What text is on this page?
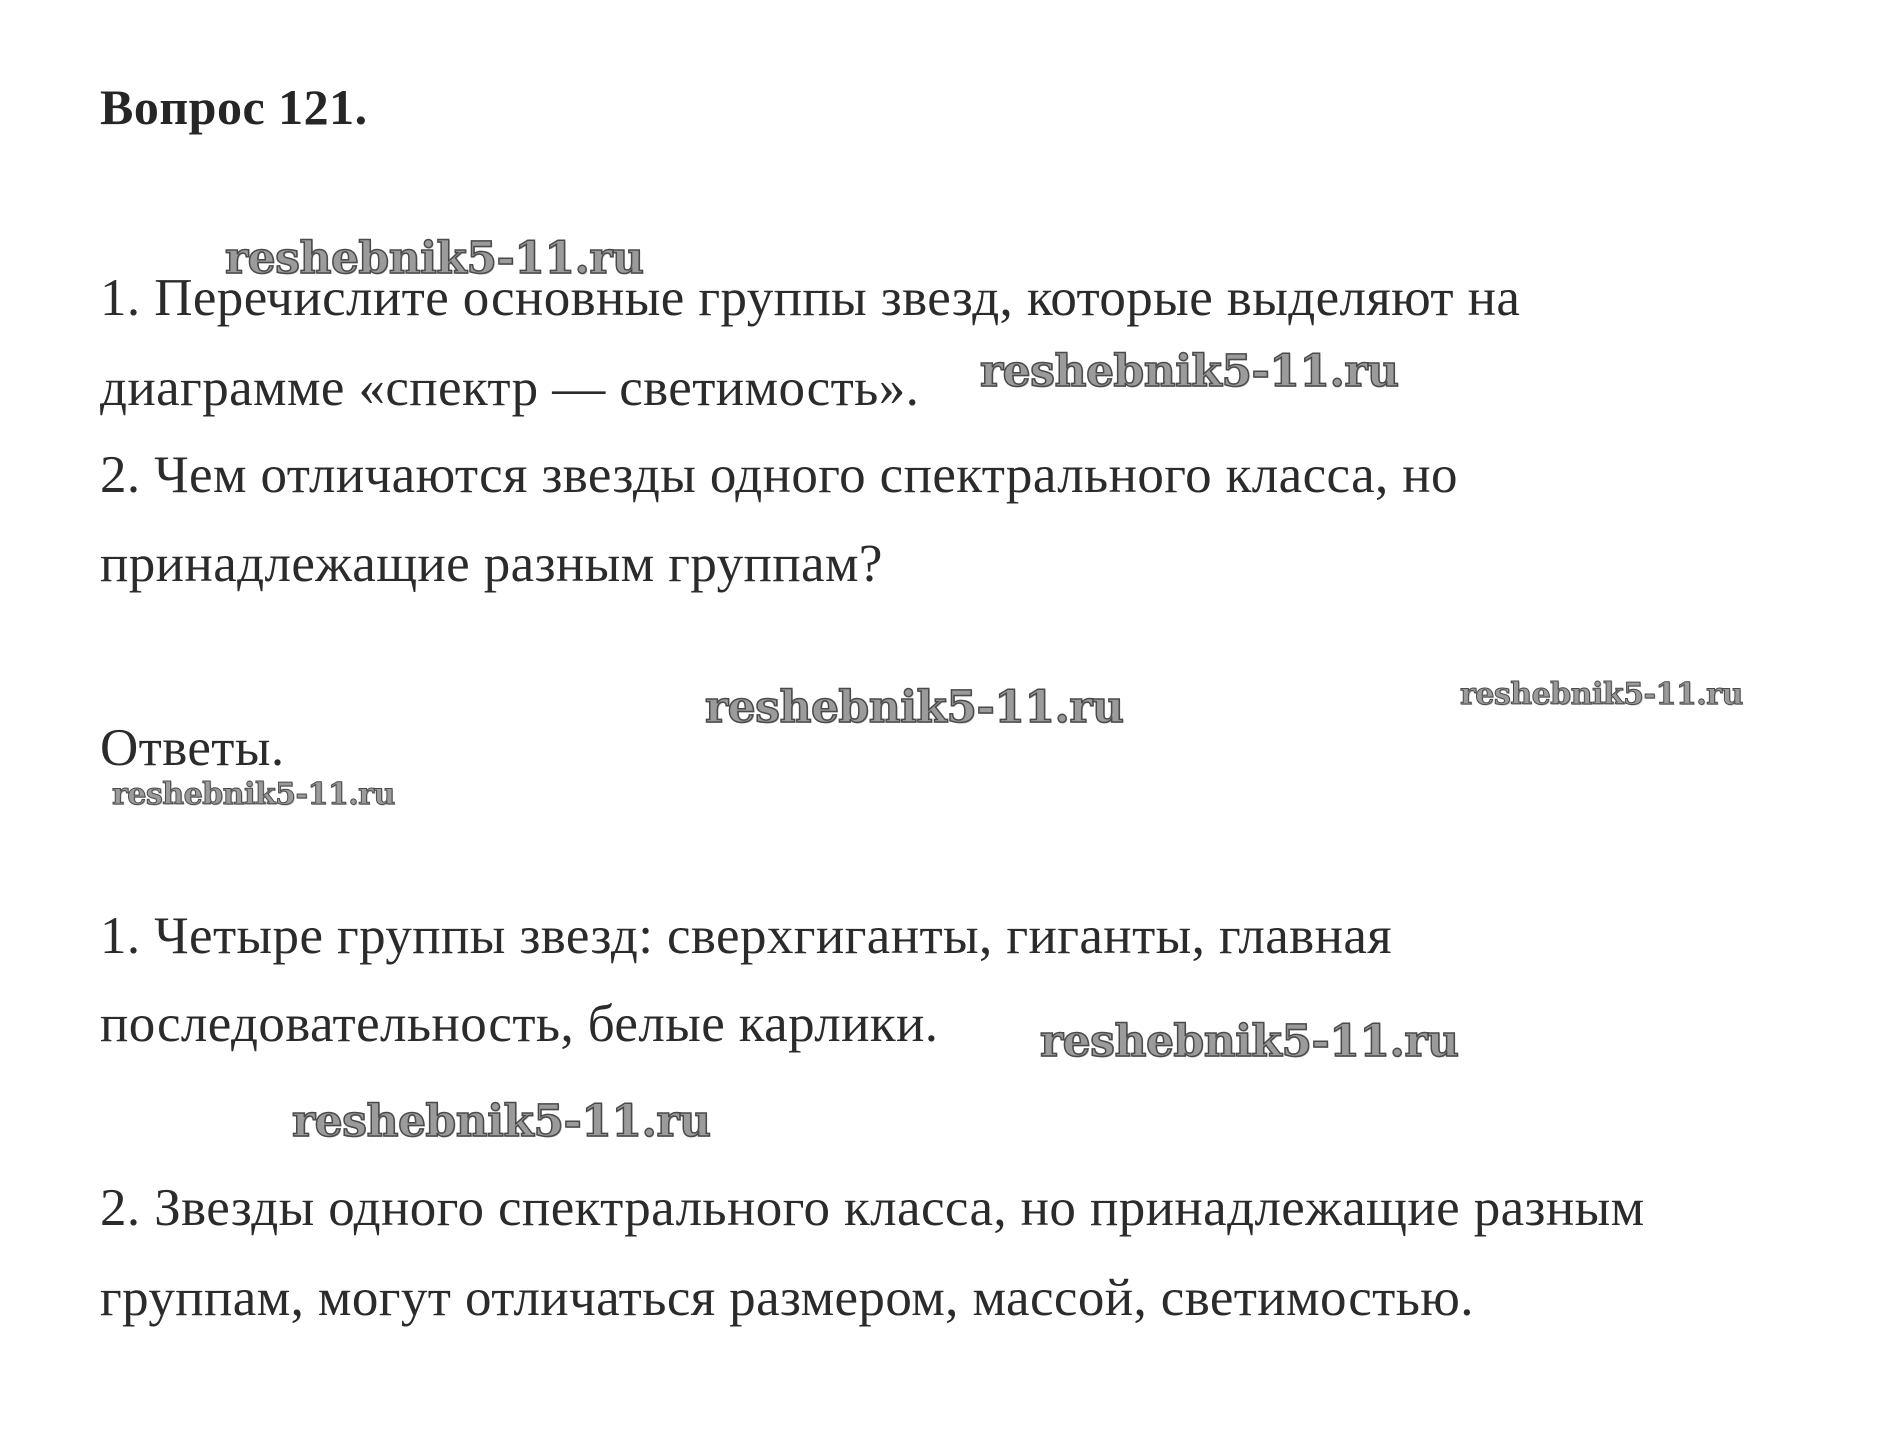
Вопрос 121.
reshebnik5-11.ru
1. Перечислите основные группы звезд, которые выделяют на
диаграмме «спектр — светимость». reshebnik5-11.ru
2. Чем отличаются звезды одного спектрального класса, но
принадлежащие разным группам?
reshebnik5-11.ru	reshebnik5-11.ru
Ответы.
reshebnik5-11.ru
1. Четыре группы звезд: сверхгиганты, гиганты, главная
последовательность, белые карлики. reshebnik5-11.ru
reshebnik5-11.ru
2. Звезды одного спектрального класса, но принадлежащие разным
группам, могут отличаться размером, массой, светимостью.
